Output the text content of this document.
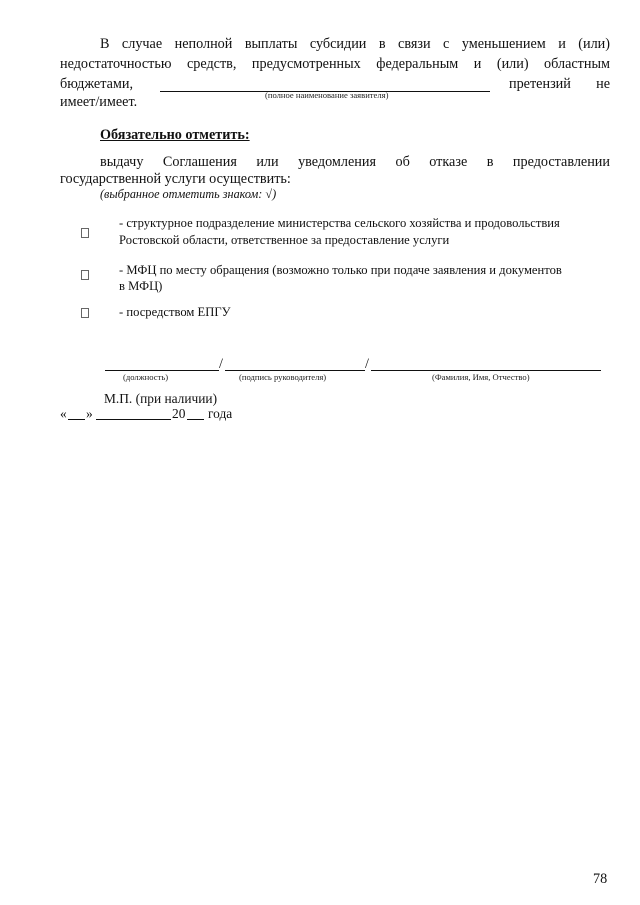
В случае неполной выплаты субсидии в связи с уменьшением и (или)
недостаточностью средств, предусмотренных федеральным и (или) областным
бюджетами,	претензий не
(полное наименование заявителя)
имеет/имеет.
Обязательно отметить:
выдачу Соглашения или уведомления об отказе в предоставлении
государственной услуги осуществить:
(выбранное отметить знаком: √)
- структурное подразделение министерства сельского хозяйства и продовольствия
Ростовской области, ответственное за предоставление услуги
- МФЦ по месту обращения (возможно только при подаче заявления и документов
в МФЦ)
- посредством ЕПГУ
/	/
(должность)	(подпись руководителя)	(Фамилия, Имя, Отчество)
М.П. (при наличии)
« »	20 года
78
